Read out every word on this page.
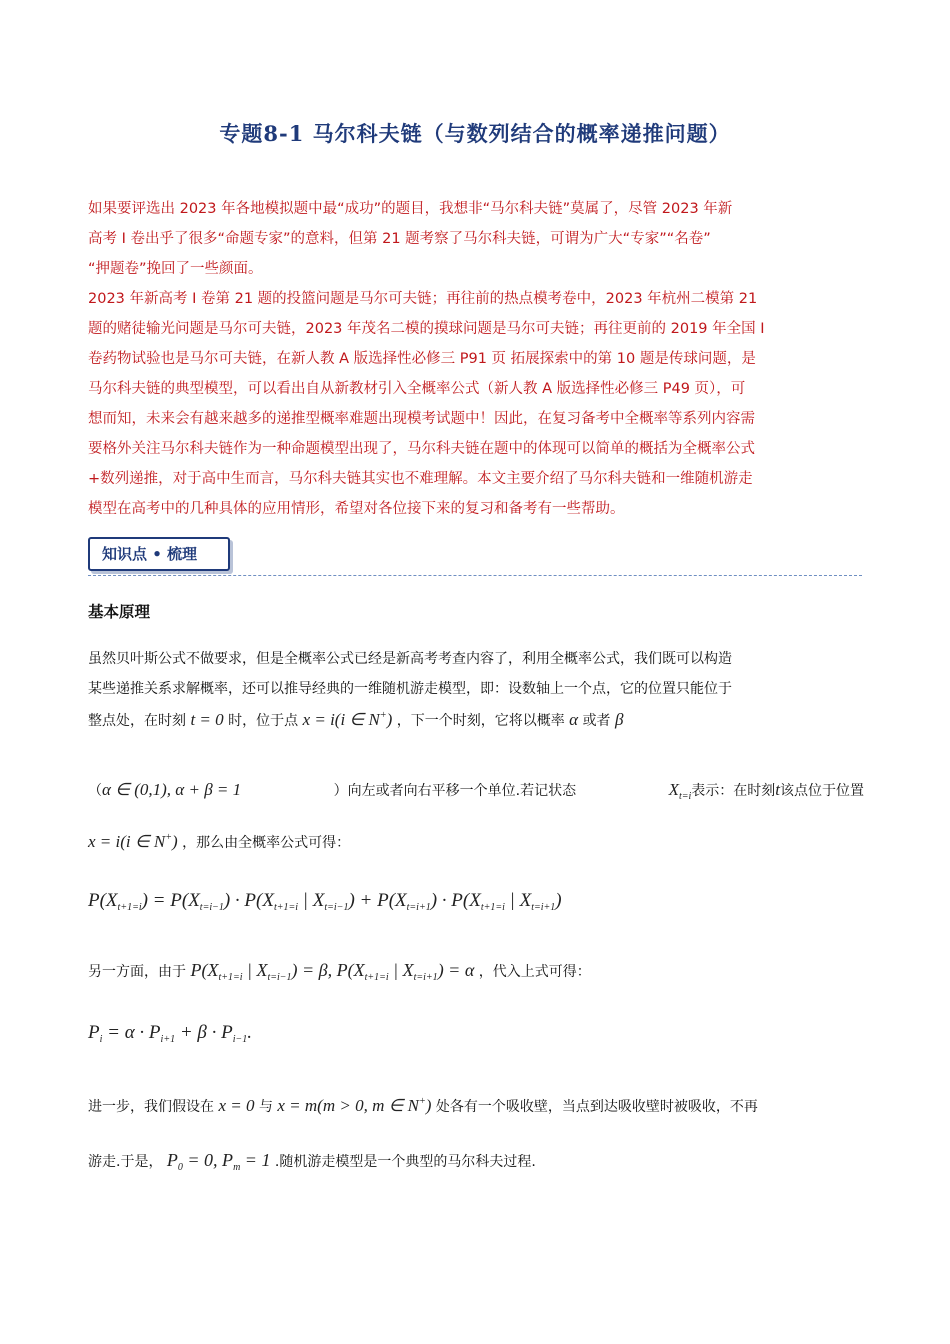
专题8-1 马尔科夫链（与数列结合的概率递推问题）

如果要评选出 2023 年各地模拟题中最“成功”的题目，我想非“马尔科夫链”莫属了，尽管 2023 年新

高考 I 卷出乎了很多“命题专家”的意料，但第 21 题考察了马尔科夫链，可谓为广大“专家”“名卷”

“押题卷”挽回了一些颜面。

2023 年新高考 I 卷第 21 题的投篮问题是马尔可夫链；再往前的热点模考卷中，2023 年杭州二模第 21

题的赌徒输光问题是马尔可夫链，2023 年茂名二模的摸球问题是马尔可夫链；再往更前的 2019 年全国 I

卷药物试验也是马尔可夫链，在新人教 A 版选择性必修三 P91 页 拓展探索中的第 10 题是传球问题，是

马尔科夫链的典型模型，可以看出自从新教材引入全概率公式（新人教 A 版选择性必修三 P49 页），可

想而知，未来会有越来越多的递推型概率难题出现模考试题中！因此，在复习备考中全概率等系列内容需

要格外关注马尔科夫链作为一种命题模型出现了，马尔科夫链在题中的体现可以简单的概括为全概率公式

+数列递推，对于高中生而言，马尔科夫链其实也不难理解。本文主要介绍了马尔科夫链和一维随机游走

模型在高考中的几种具体的应用情形，希望对各位接下来的复习和备考有一些帮助。

知识点 • 梳理
基本原理
虽然贝叶斯公式不做要求，但是全概率公式已经是新高考考查内容了，利用全概率公式，我们既可以构造
某些递推关系求解概率，还可以推导经典的一维随机游走模型，即：设数轴上一个点，它的位置只能位于
整点处，在时刻 t = 0 时，位于点 x = i(i ∈ N+) ，下一个时刻，它将以概率 α 或者 β
（α ∈ (0,1), α + β = 1	）向左或者向右平移一个单位.若记状态	$X_{t=i}$表示：在时刻t该点位于位置
x = i(i ∈ N+) ，那么由全概率公式可得：
$P(X_{t+1=i}) = P(X_{t=i-1}) \cdot P(X_{t+1=i}$ | $X_{t=i-1}) + P(X_{t=i+1}) \cdot P(X_{t+1=i}$ | $X_{t=i+1}$)
另一方面，由于 $P(X_{t+1=i}$ | $X_{t=i-1}) = \beta$, $P(X_{t+1=i}$ | $X_{t=i+1}) = \alpha$ ，代入上式可得：
$P_i = \alpha \cdot P_{i+1} + \beta \cdot P_{i-1}$.
进一步，我们假设在 x = 0 与 x = m(m > 0, m ∈ N+) 处各有一个吸收壁，当点到达吸收壁时被吸收，不再
游走.于是， $P_0 = 0$, $P_m = 1$ .随机游走模型是一个典型的马尔科夫过程.
